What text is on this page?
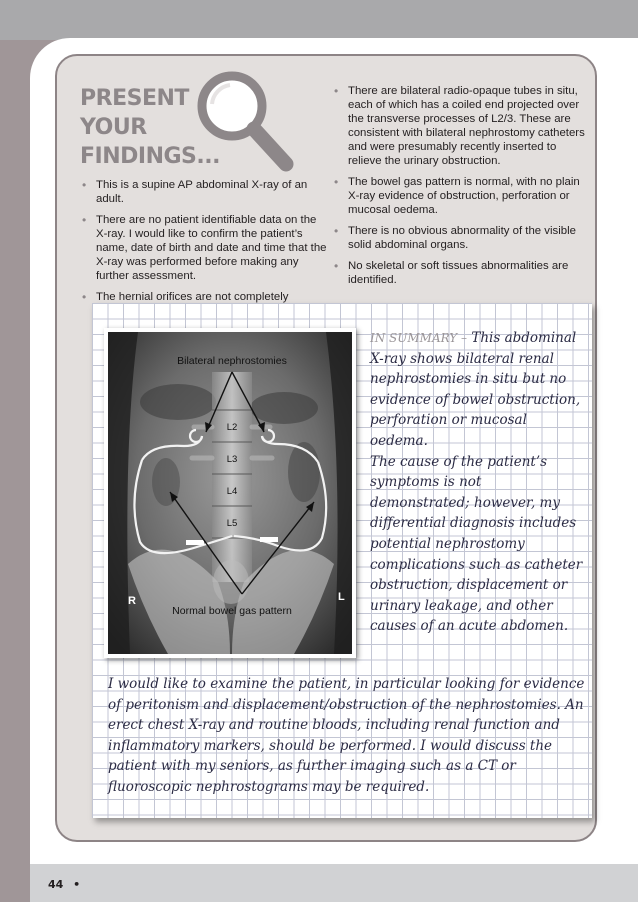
44 •
PRESENT
YOUR
FINDINGS...
• This is a supine AP abdominal X-ray of an adult.
• There are no patient identifiable data on the X-ray. I would like to confirm the patient’s name, date of birth and date and time that the X-ray was performed before making any further assessment.
• The hernial orifices are not completely
• There are bilateral radio-opaque tubes in situ, each of which has a coiled end projected over the transverse processes of L2/3. These are consistent with bilateral nephrostomy catheters and were presumably recently inserted to relieve the urinary obstruction.
• The bowel gas pattern is normal, with no plain X-ray evidence of obstruction, perforation or mucosal oedema.
• There is no obvious abnormality of the visible solid abdominal organs.
• No skeletal or soft tissues abnormalities are identified.
Bilateral nephrostomies
Normal bowel gas pattern
L2
L3
L4
L5
R	L

IN SUMMARY – This abdominal X-ray shows bilateral renal nephrostomies in situ but no evidence of bowel obstruction, perforation or mucosal oedema.

The cause of the patient’s symptoms is not demonstrated; however, my differential diagnosis includes potential nephrostomy complications such as catheter obstruction, displacement or urinary leakage, and other causes of an acute abdomen.

I would like to examine the patient, in particular looking for evidence of peritonism and displacement/obstruction of the nephrostomies. An erect chest X-ray and routine bloods, including renal function and inflammatory markers, should be performed. I would discuss the patient with my seniors, as further imaging such as a CT or fluoroscopic nephrostograms may be required.
